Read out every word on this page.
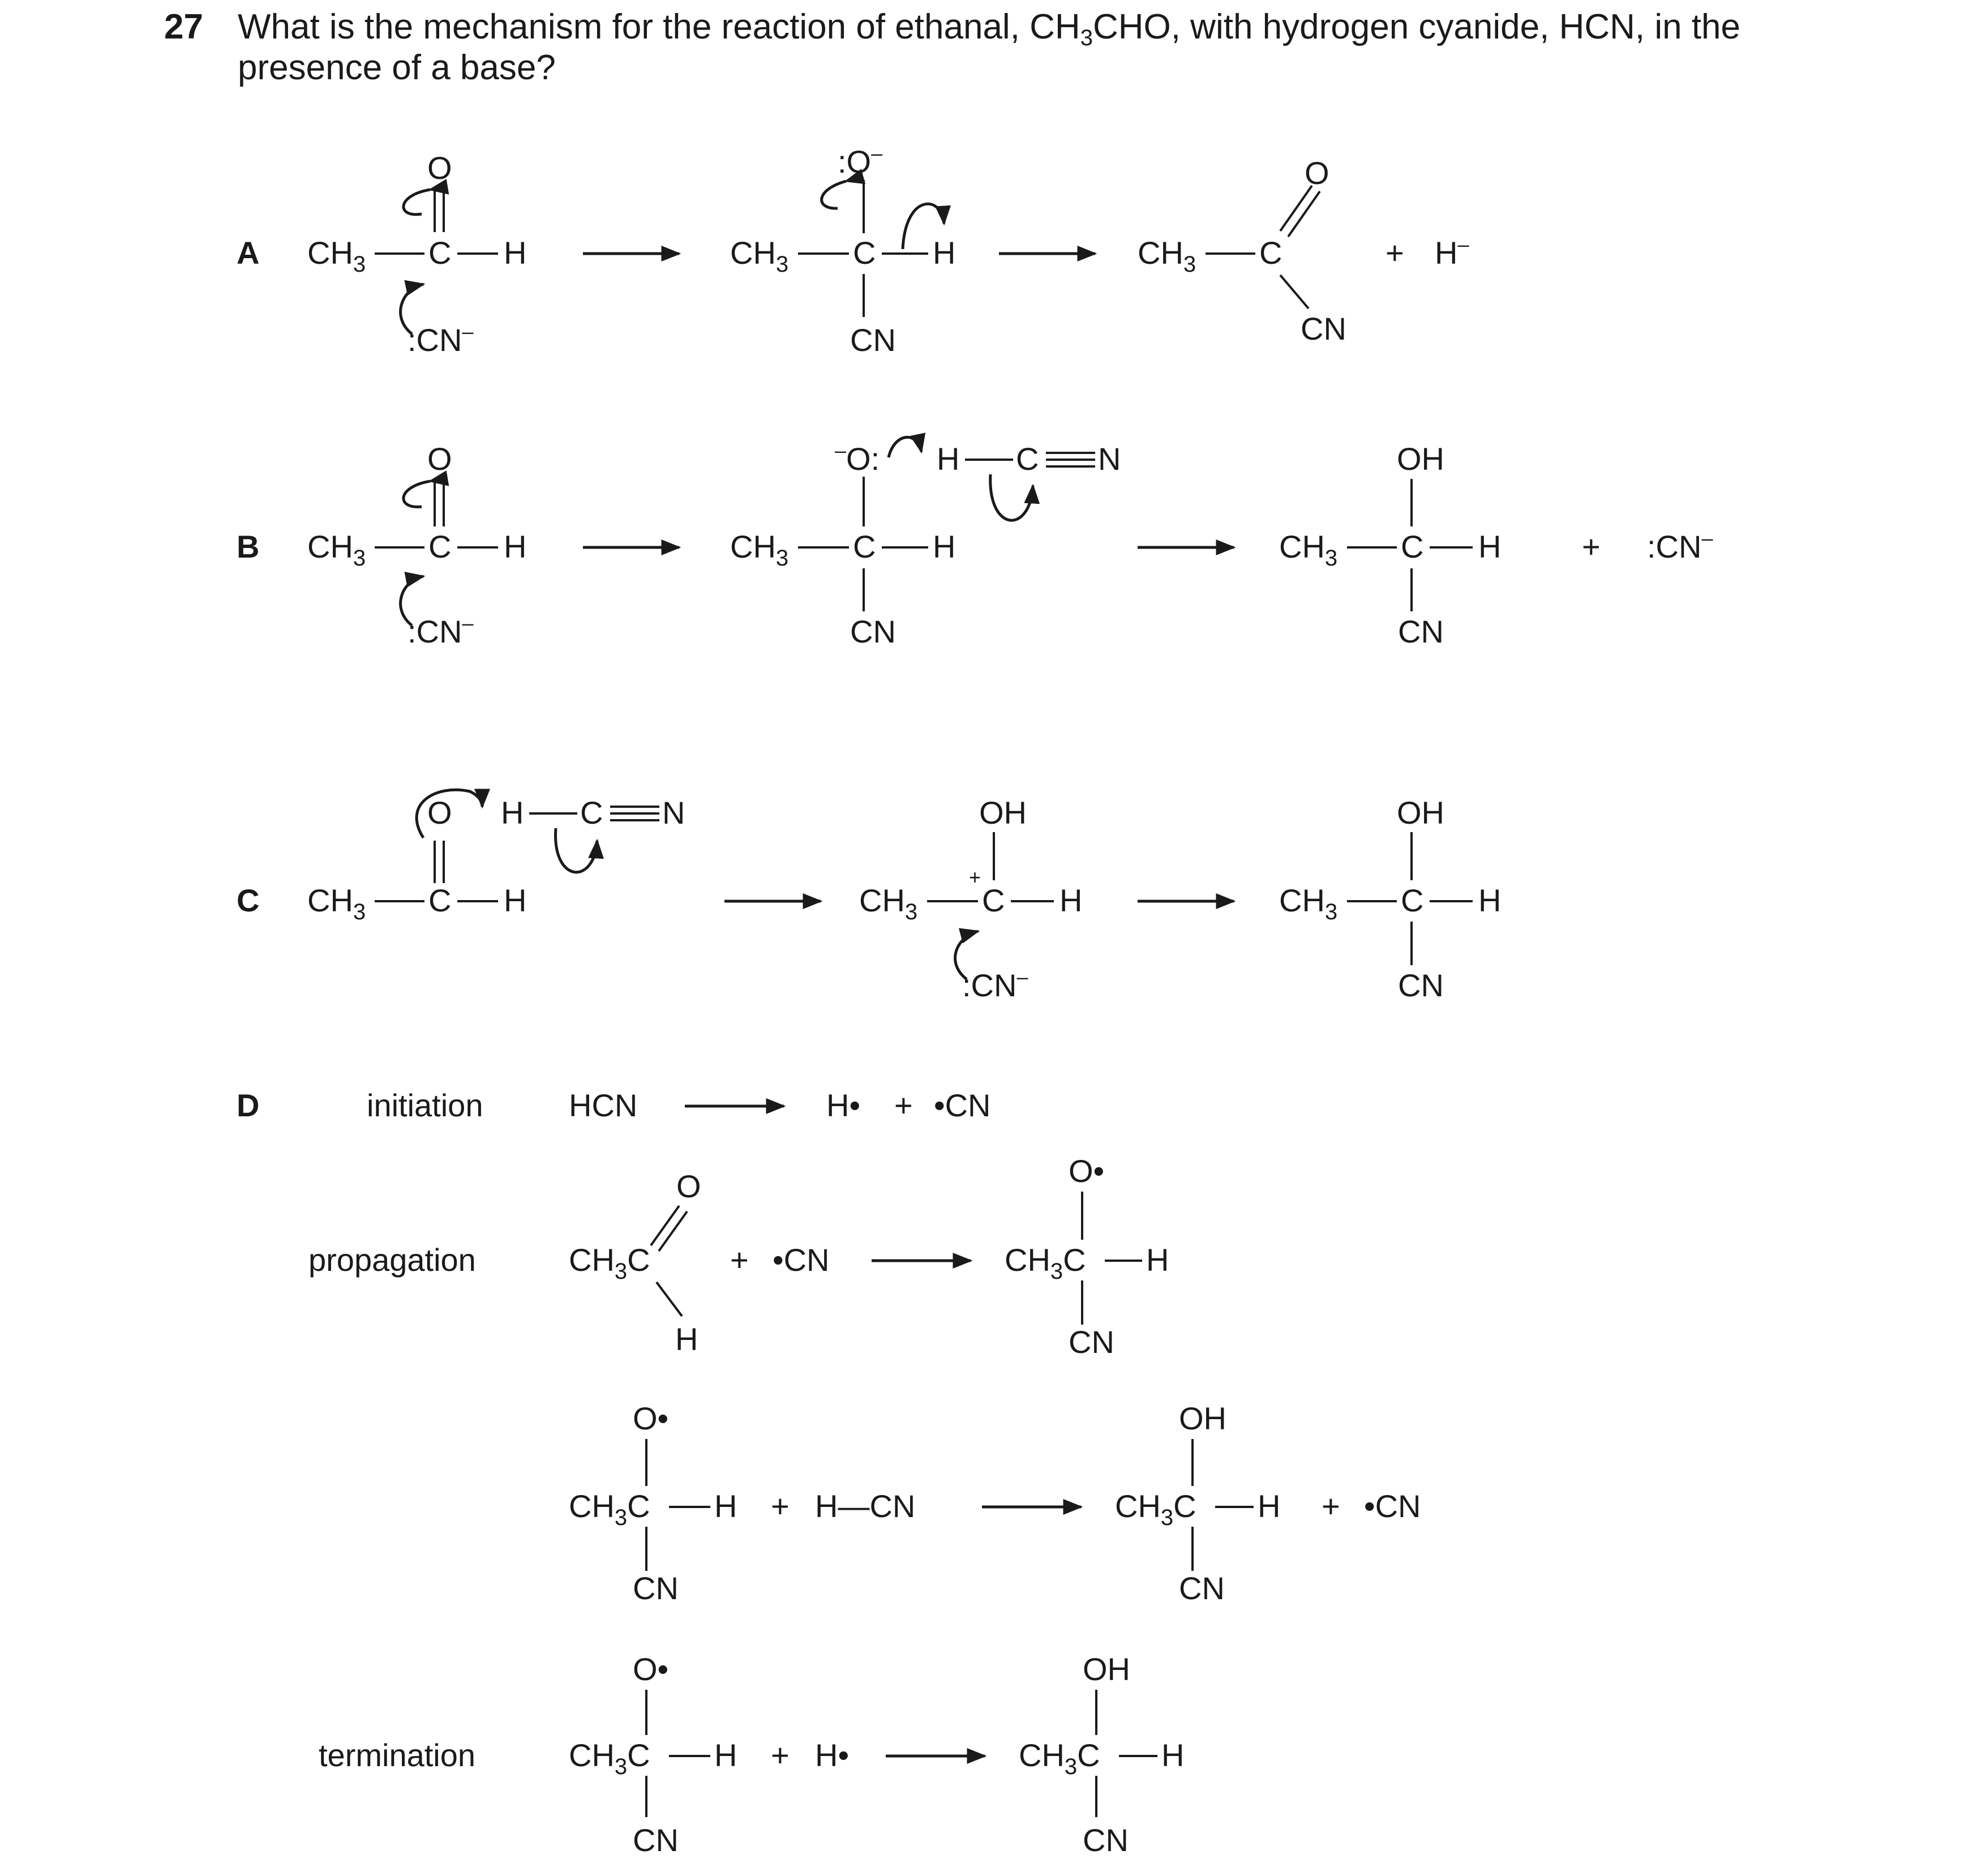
27 What is the mechanism for the reaction of ethanal, CH3CHO, with hydrogen cyanide, HCN, in the
presence of a base?
A $CH_3$ C H
O
:CN–
$CH_3$ C H
:O–
CN
$CH_3$ C
O
CN
+ H–
B $CH_3$ C H
O
:CN–
$CH_3$ C H
–O:
CN
H C N
$CH_3$ C H
OH
CN
+ :CN–
C $CH_3$ C H
O H C N
$CH_3$
+
C H
OH
:CN–
$CH_3$ C H
OH
CN
D	initiation	HCN	H• + •CN
propagation	$CH_3C$
O
H
+ •CN	$CH_3C$ H
O•
CN
$CH_3C$ H
O•
CN
+ H—CN	$CH_3C$ H
OH
CN
+ •CN
termination	$CH_3C$ H
O•
CN
+ H•	$CH_3C$ H
OH
CN
